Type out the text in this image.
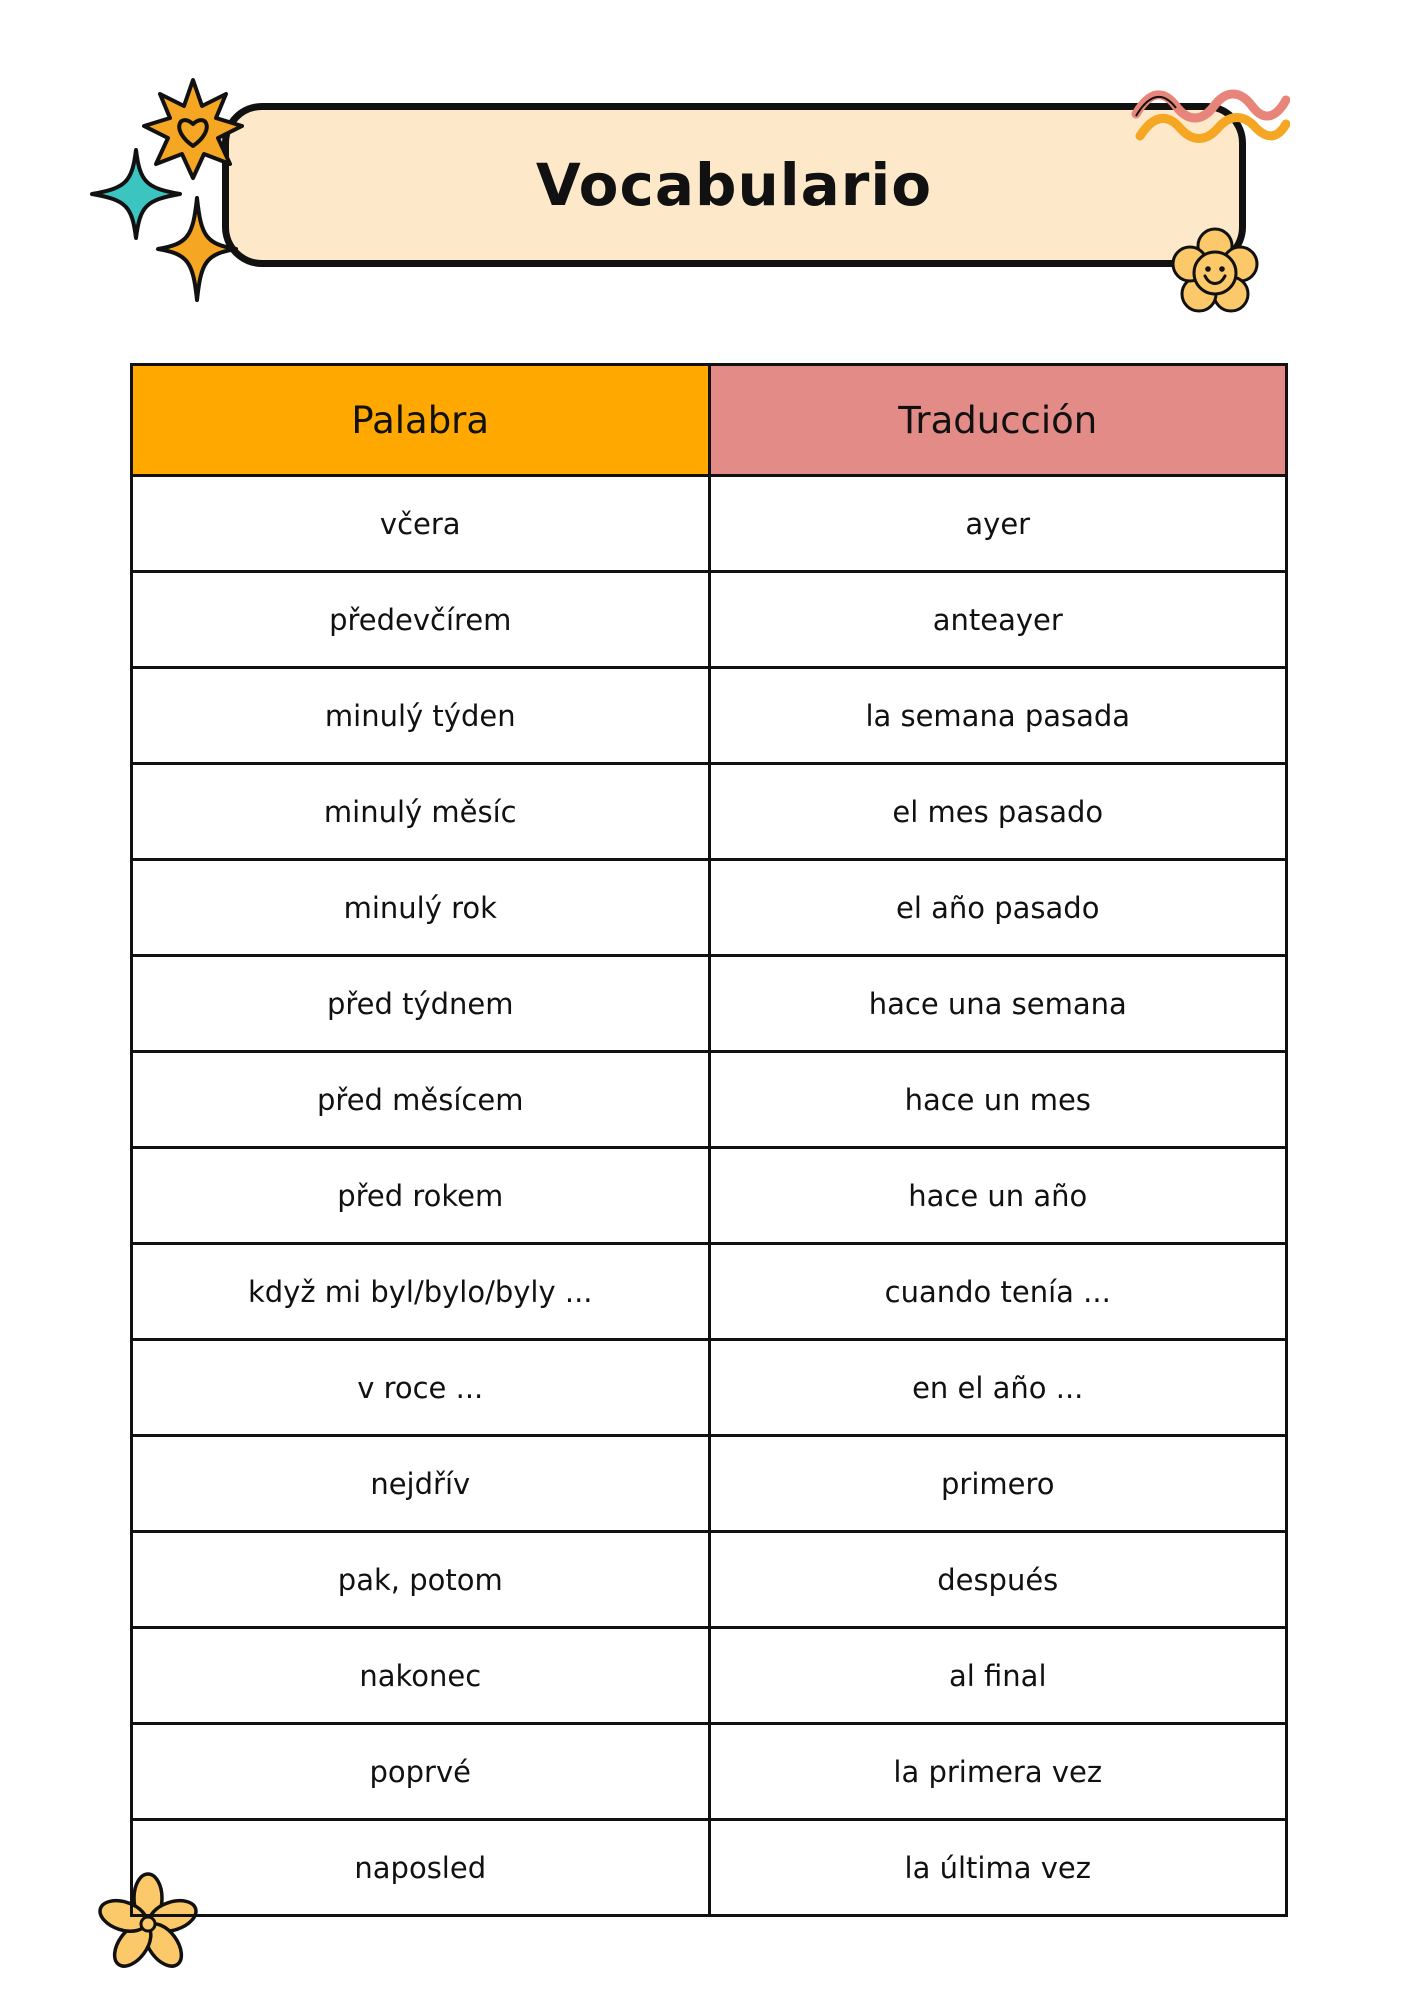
Vocabulario
Palabra	Traducción
včera	ayer
předevčírem	anteayer
minulý týden	la semana pasada
minulý měsíc	el mes pasado
minulý rok	el año pasado
před týdnem	hace una semana
před měsícem	hace un mes
před rokem	hace un año
když mi byl/bylo/byly ...	cuando tenía ...
v roce ...	en el año ...
nejdřív	primero
pak, potom	después
nakonec	al final
poprvé	la primera vez
naposled	la última vez
